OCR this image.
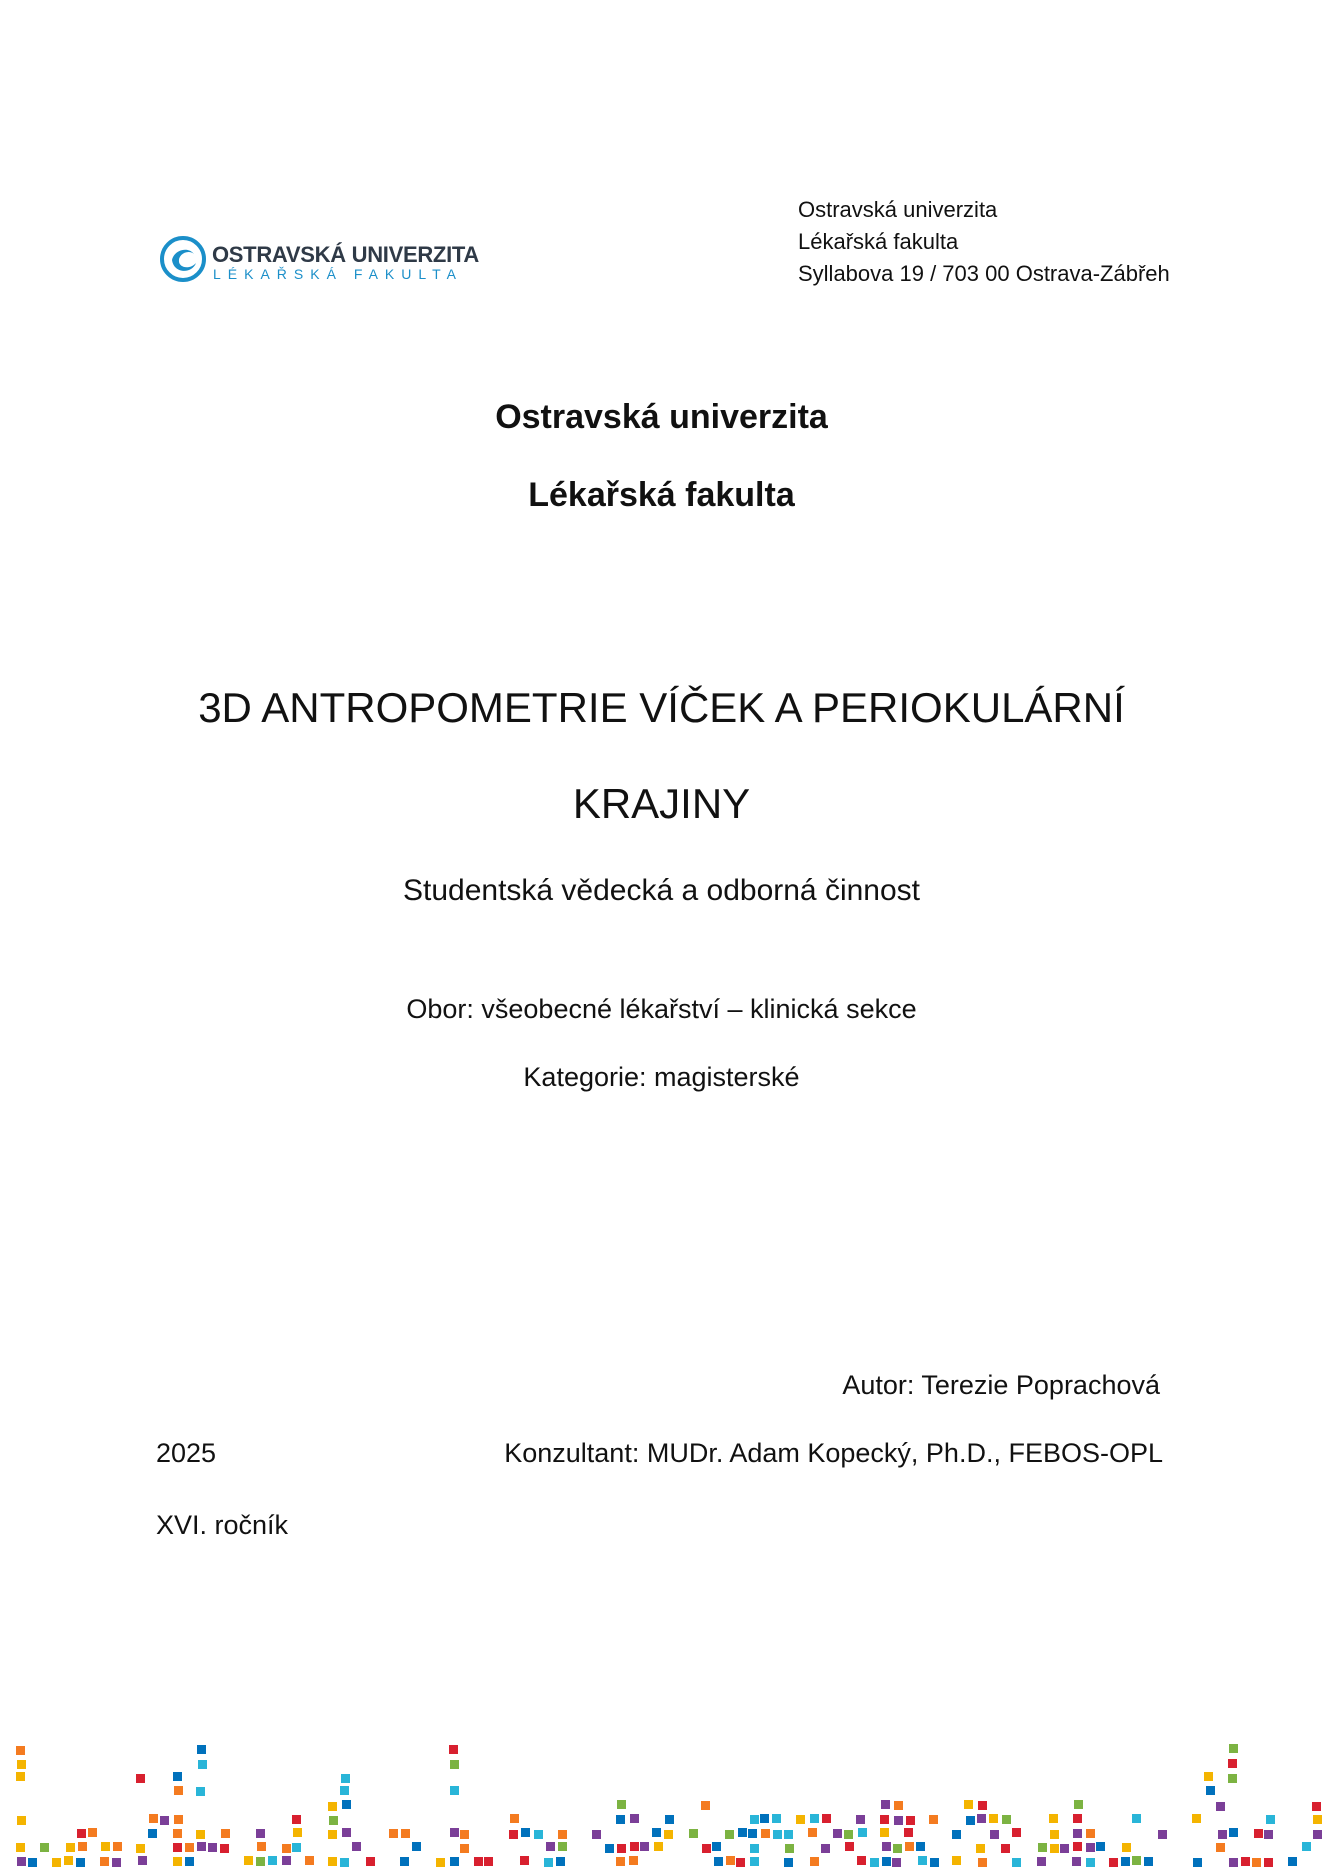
OSTRAVSKÁ UNIVERZITA
LÉKAŘSKÁ FAKULTA
Ostravská univerzita
Lékařská fakulta
Syllabova 19 / 703 00 Ostrava-Zábřeh
Ostravská univerzita
Lékařská fakulta
3D ANTROPOMETRIE VÍČEK A PERIOKULÁRNÍ
KRAJINY
Studentská vědecká a odborná činnost
Obor: všeobecné lékařství – klinická sekce
Kategorie: magisterské
Autor: Terezie Poprachová
Konzultant: MUDr. Adam Kopecký, Ph.D., FEBOS-OPL
2025
XVI. ročník
